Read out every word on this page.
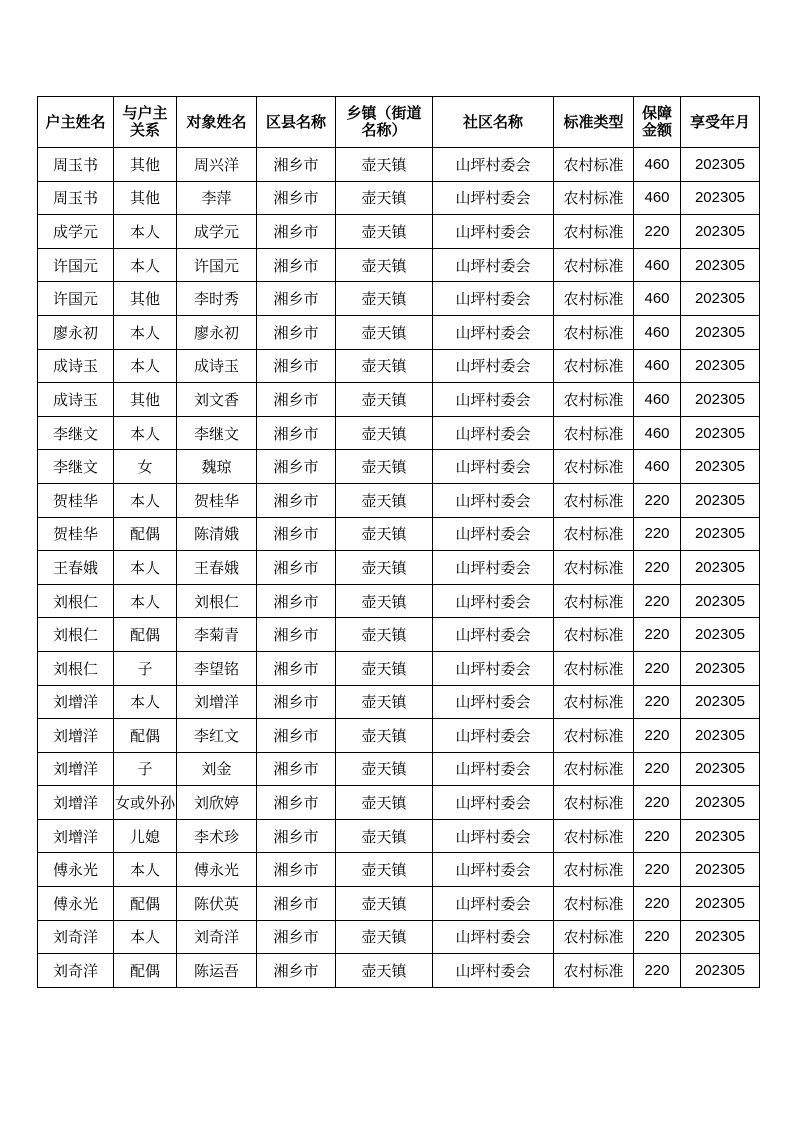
户主姓名	与户主关系	对象姓名	区县名称	乡镇（街道名称）	社区名称	标准类型	保障金额	享受年月
周玉书	其他	周兴洋	湘乡市	壶天镇	山坪村委会	农村标准	460	202305
周玉书	其他	李萍	湘乡市	壶天镇	山坪村委会	农村标准	460	202305
成学元	本人	成学元	湘乡市	壶天镇	山坪村委会	农村标准	220	202305
许国元	本人	许国元	湘乡市	壶天镇	山坪村委会	农村标准	460	202305
许国元	其他	李时秀	湘乡市	壶天镇	山坪村委会	农村标准	460	202305
廖永初	本人	廖永初	湘乡市	壶天镇	山坪村委会	农村标准	460	202305
成诗玉	本人	成诗玉	湘乡市	壶天镇	山坪村委会	农村标准	460	202305
成诗玉	其他	刘文香	湘乡市	壶天镇	山坪村委会	农村标准	460	202305
李继文	本人	李继文	湘乡市	壶天镇	山坪村委会	农村标准	460	202305
李继文	女	魏琼	湘乡市	壶天镇	山坪村委会	农村标准	460	202305
贺桂华	本人	贺桂华	湘乡市	壶天镇	山坪村委会	农村标准	220	202305
贺桂华	配偶	陈清娥	湘乡市	壶天镇	山坪村委会	农村标准	220	202305
王春娥	本人	王春娥	湘乡市	壶天镇	山坪村委会	农村标准	220	202305
刘根仁	本人	刘根仁	湘乡市	壶天镇	山坪村委会	农村标准	220	202305
刘根仁	配偶	李菊青	湘乡市	壶天镇	山坪村委会	农村标准	220	202305
刘根仁	子	李望铭	湘乡市	壶天镇	山坪村委会	农村标准	220	202305
刘增洋	本人	刘增洋	湘乡市	壶天镇	山坪村委会	农村标准	220	202305
刘增洋	配偶	李红文	湘乡市	壶天镇	山坪村委会	农村标准	220	202305
刘增洋	子	刘金	湘乡市	壶天镇	山坪村委会	农村标准	220	202305
刘增洋	女或外孙	刘欣婷	湘乡市	壶天镇	山坪村委会	农村标准	220	202305
刘增洋	儿媳	李术珍	湘乡市	壶天镇	山坪村委会	农村标准	220	202305
傅永光	本人	傅永光	湘乡市	壶天镇	山坪村委会	农村标准	220	202305
傅永光	配偶	陈伏英	湘乡市	壶天镇	山坪村委会	农村标准	220	202305
刘奇洋	本人	刘奇洋	湘乡市	壶天镇	山坪村委会	农村标准	220	202305
刘奇洋	配偶	陈运吾	湘乡市	壶天镇	山坪村委会	农村标准	220	202305
